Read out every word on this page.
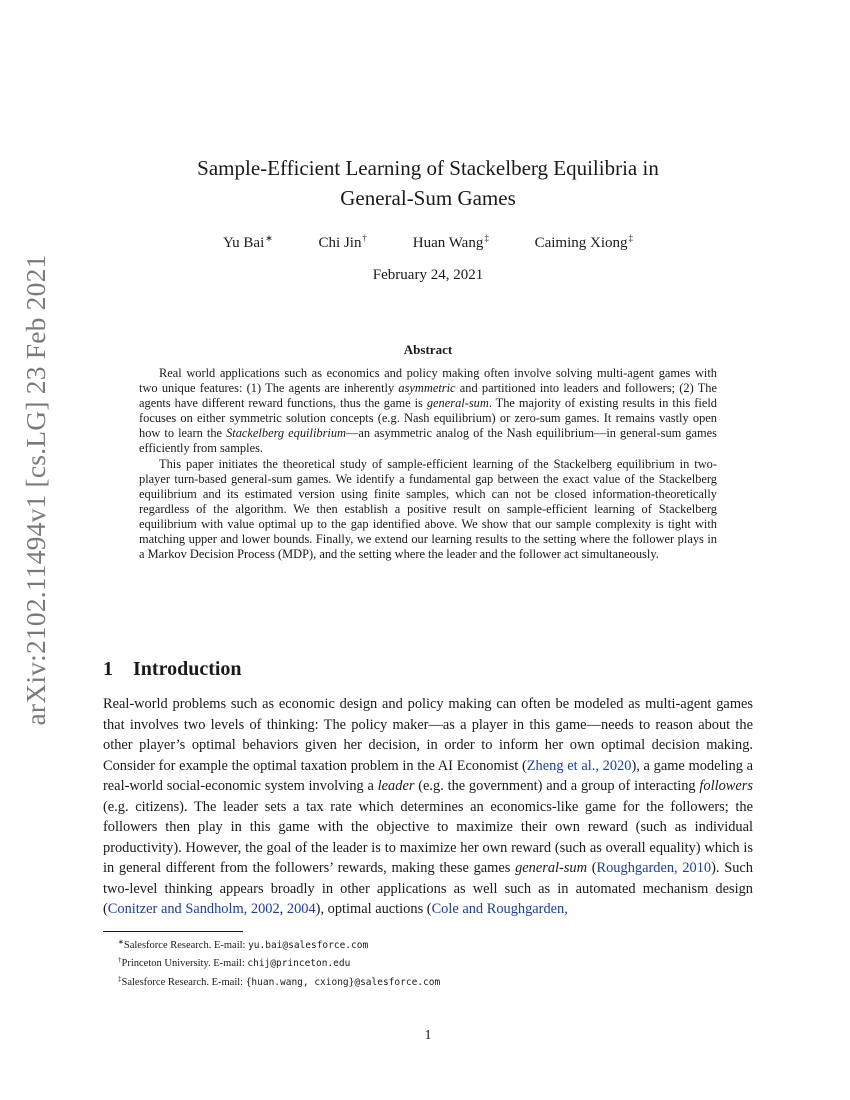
arXiv:2102.11494v1 [cs.LG] 23 Feb 2021
Sample-Efficient Learning of Stackelberg Equilibria in
General-Sum Games
Yu Bai∗	Chi Jin†	Huan Wang‡	Caiming Xiong‡
February 24, 2021
Abstract

Real world applications such as economics and policy making often involve solving multi-agent games with two unique features: (1) The agents are inherently asymmetric and partitioned into leaders and followers; (2) The agents have different reward functions, thus the game is general-sum. The majority of existing results in this field focuses on either symmetric solution concepts (e.g. Nash equilibrium) or zero-sum games. It remains vastly open how to learn the Stackelberg equilibrium—an asymmetric analog of the Nash equilibrium—in general-sum games efficiently from samples.

This paper initiates the theoretical study of sample-efficient learning of the Stackelberg equilibrium in two-player turn-based general-sum games. We identify a fundamental gap between the exact value of the Stackelberg equilibrium and its estimated version using finite samples, which can not be closed information-theoretically regardless of the algorithm. We then establish a positive result on sample-efficient learning of Stackelberg equilibrium with value optimal up to the gap identified above. We show that our sample complexity is tight with matching upper and lower bounds. Finally, we extend our learning results to the setting where the follower plays in a Markov Decision Process (MDP), and the setting where the leader and the follower act simultaneously.

1 Introduction

Real-world problems such as economic design and policy making can often be modeled as multi-agent games that involves two levels of thinking: The policy maker—as a player in this game—needs to reason about the other player’s optimal behaviors given her decision, in order to inform her own optimal decision making. Consider for example the optimal taxation problem in the AI Economist (Zheng et al., 2020), a game modeling a real-world social-economic system involving a leader (e.g. the government) and a group of interacting followers (e.g. citizens). The leader sets a tax rate which determines an economics-like game for the followers; the followers then play in this game with the objective to maximize their own reward (such as individual productivity). However, the goal of the leader is to maximize her own reward (such as overall equality) which is in general different from the followers’ rewards, making these games general-sum (Roughgarden, 2010). Such two-level thinking appears broadly in other applications as well such as in automated mechanism design (Conitzer and Sandholm, 2002, 2004), optimal auctions (Cole and Roughgarden,

∗Salesforce Research. E-mail: yu.bai@salesforce.com
†Princeton University. E-mail: chij@princeton.edu
‡Salesforce Research. E-mail: {huan.wang, cxiong}@salesforce.com
1
